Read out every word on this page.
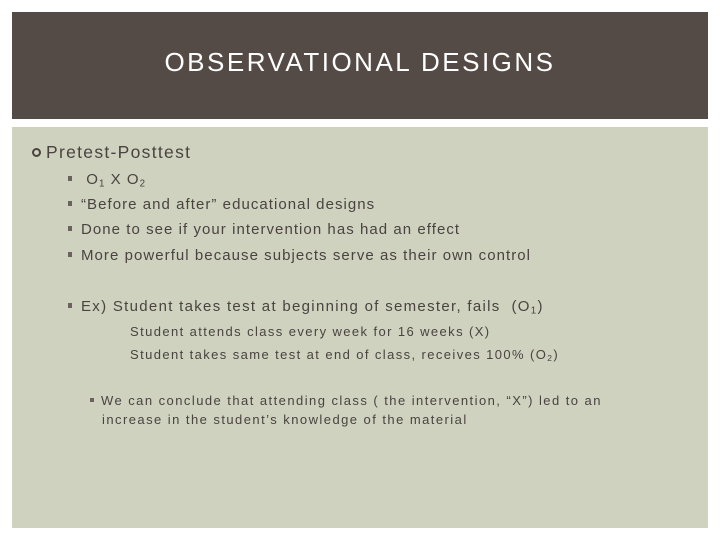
OBSERVATIONAL DESIGNS
Pretest-Posttest
$O_1$ X $O_2$
“Before and after” educational designs
Done to see if your intervention has had an effect
More powerful because subjects serve as their own control
Ex) Student takes test at beginning of semester, fails $(O_1)$
Student attends class every week for 16 weeks (X)
Student takes same test at end of class, receives 100% $(O_2)$
We can conclude that attending class ( the intervention, “X”) led to an
increase in the student’s knowledge of the material
